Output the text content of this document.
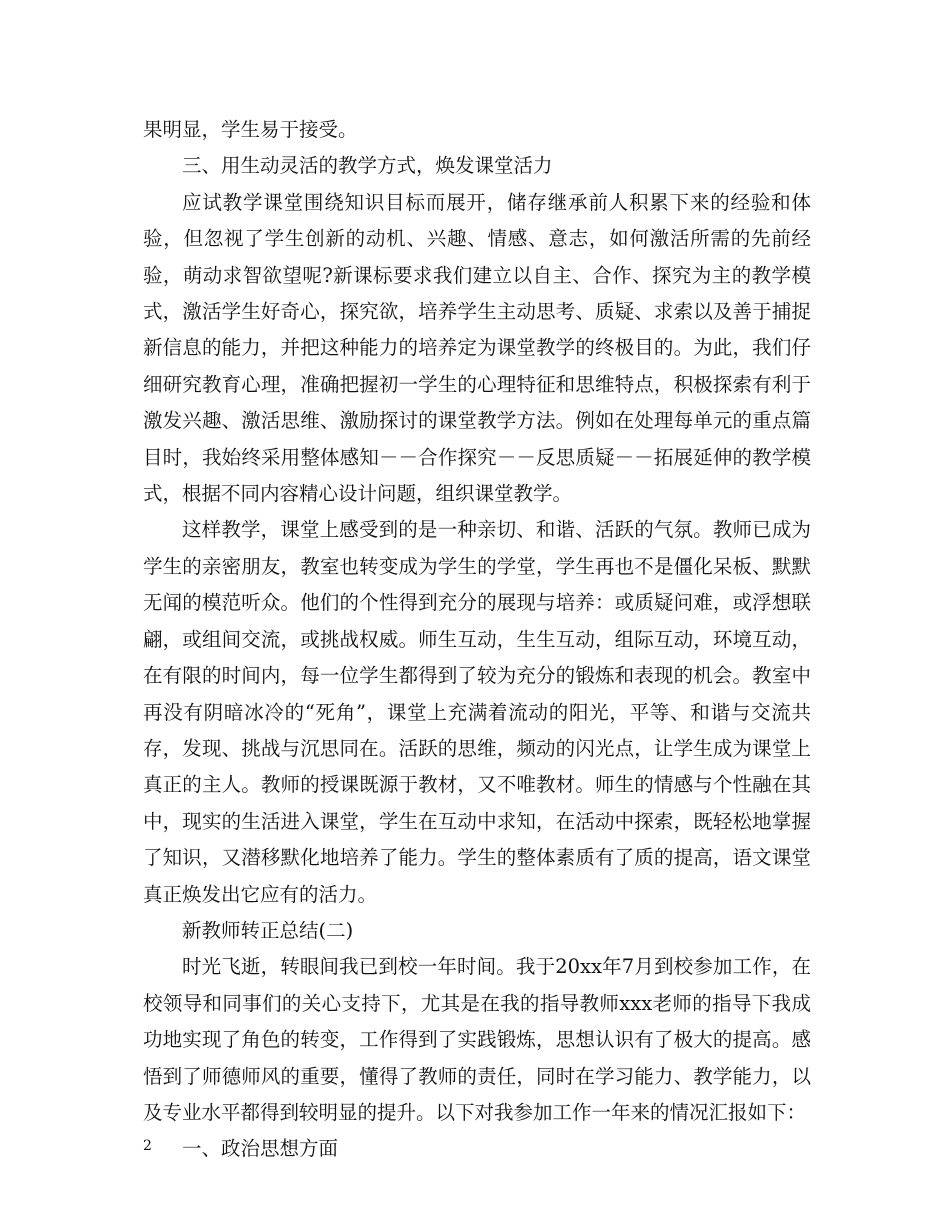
果明显，学生易于接受。

三、用生动灵活的教学方式，焕发课堂活力

应试教学课堂围绕知识目标而展开，储存继承前人积累下来的经验和体验，但忽视了学生创新的动机、兴趣、情感、意志，如何激活所需的先前经验，萌动求智欲望呢?新课标要求我们建立以自主、合作、探究为主的教学模式，激活学生好奇心，探究欲，培养学生主动思考、质疑、求索以及善于捕捉新信息的能力，并把这种能力的培养定为课堂教学的终极目的。为此，我们仔细研究教育心理，准确把握初一学生的心理特征和思维特点，积极探索有利于激发兴趣、激活思维、激励探讨的课堂教学方法。例如在处理每单元的重点篇目时，我始终采用整体感知－－合作探究－－反思质疑－－拓展延伸的教学模式，根据不同内容精心设计问题，组织课堂教学。

这样教学，课堂上感受到的是一种亲切、和谐、活跃的气氛。教师已成为学生的亲密朋友，教室也转变成为学生的学堂，学生再也不是僵化呆板、默默无闻的模范听众。他们的个性得到充分的展现与培养：或质疑问难，或浮想联翩，或组间交流，或挑战权威。师生互动，生生互动，组际互动，环境互动，在有限的时间内，每一位学生都得到了较为充分的锻炼和表现的机会。教室中再没有阴暗冰冷的“死角”，课堂上充满着流动的阳光，平等、和谐与交流共存，发现、挑战与沉思同在。活跃的思维，频动的闪光点，让学生成为课堂上真正的主人。教师的授课既源于教材，又不唯教材。师生的情感与个性融在其中，现实的生活进入课堂，学生在互动中求知，在活动中探索，既轻松地掌握了知识，又潜移默化地培养了能力。学生的整体素质有了质的提高，语文课堂真正焕发出它应有的活力。

新教师转正总结(二)

时光飞逝，转眼间我已到校一年时间。我于20xx年7月到校参加工作，在校领导和同事们的关心支持下，尤其是在我的指导教师xxx老师的指导下我成功地实现了角色的转变，工作得到了实践锻炼，思想认识有了极大的提高。感悟到了师德师风的重要，懂得了教师的责任，同时在学习能力、教学能力，以及专业水平都得到较明显的提升。以下对我参加工作一年来的情况汇报如下：

一、政治思想方面

2
